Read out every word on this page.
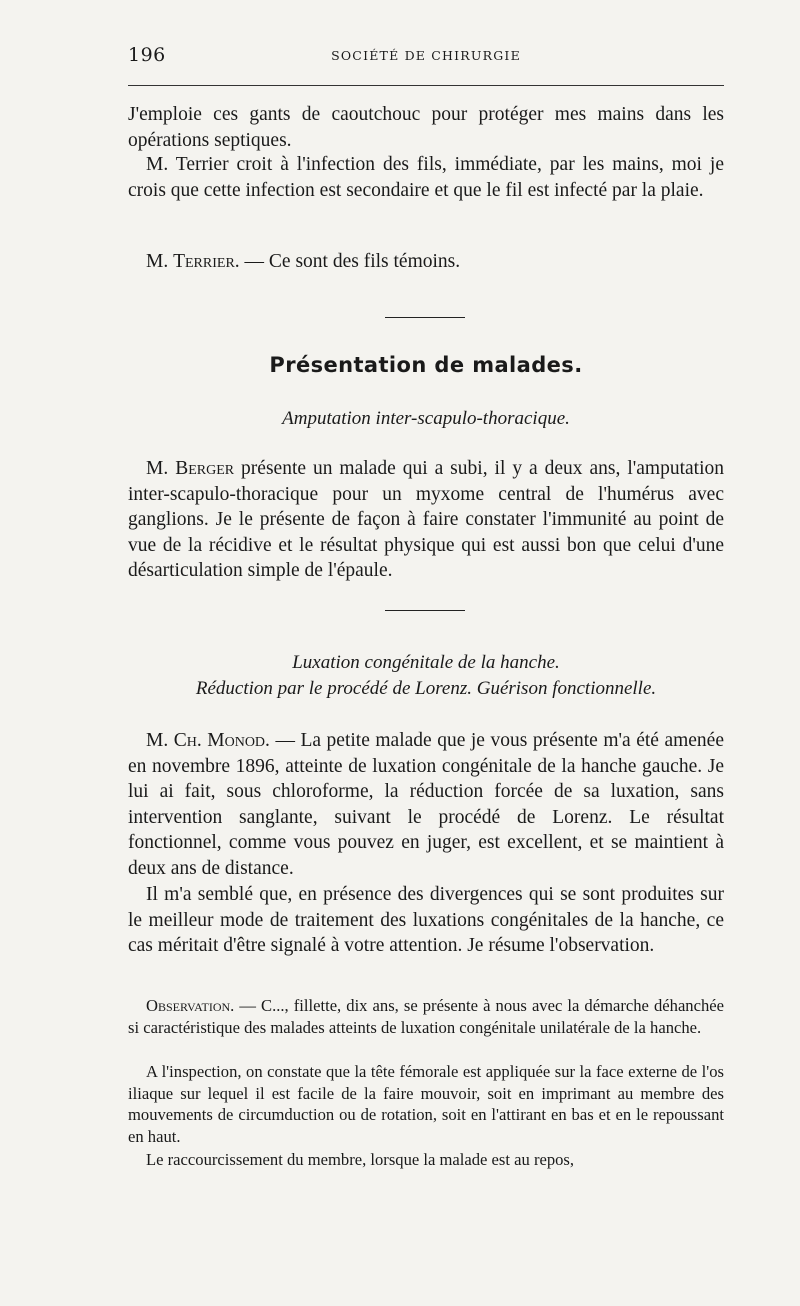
196	SOCIÉTÉ DE CHIRURGIE

J'emploie ces gants de caoutchouc pour protéger mes mains dans les opérations septiques.

M. Terrier croit à l'infection des fils, immédiate, par les mains, moi je crois que cette infection est secondaire et que le fil est infecté par la plaie.

M. Terrier. — Ce sont des fils témoins.

Présentation de malades.
Amputation inter-scapulo-thoracique.

M. Berger présente un malade qui a subi, il y a deux ans, l'amputation inter-scapulo-thoracique pour un myxome central de l'humérus avec ganglions. Je le présente de façon à faire constater l'immunité au point de vue de la récidive et le résultat physique qui est aussi bon que celui d'une désarticulation simple de l'épaule.

Luxation congénitale de la hanche.
Réduction par le procédé de Lorenz. Guérison fonctionnelle.

M. Ch. Monod. — La petite malade que je vous présente m'a été amenée en novembre 1896, atteinte de luxation congénitale de la hanche gauche. Je lui ai fait, sous chloroforme, la réduction forcée de sa luxation, sans intervention sanglante, suivant le procédé de Lorenz. Le résultat fonctionnel, comme vous pouvez en juger, est excellent, et se maintient à deux ans de distance.

Il m'a semblé que, en présence des divergences qui se sont produites sur le meilleur mode de traitement des luxations congénitales de la hanche, ce cas méritait d'être signalé à votre attention. Je résume l'observation.

Observation. — C..., fillette, dix ans, se présente à nous avec la démarche déhanchée si caractéristique des malades atteints de luxation congénitale unilatérale de la hanche.

A l'inspection, on constate que la tête fémorale est appliquée sur la face externe de l'os iliaque sur lequel il est facile de la faire mouvoir, soit en imprimant au membre des mouvements de circumduction ou de rotation, soit en l'attirant en bas et en le repoussant en haut.

Le raccourcissement du membre, lorsque la malade est au repos,
